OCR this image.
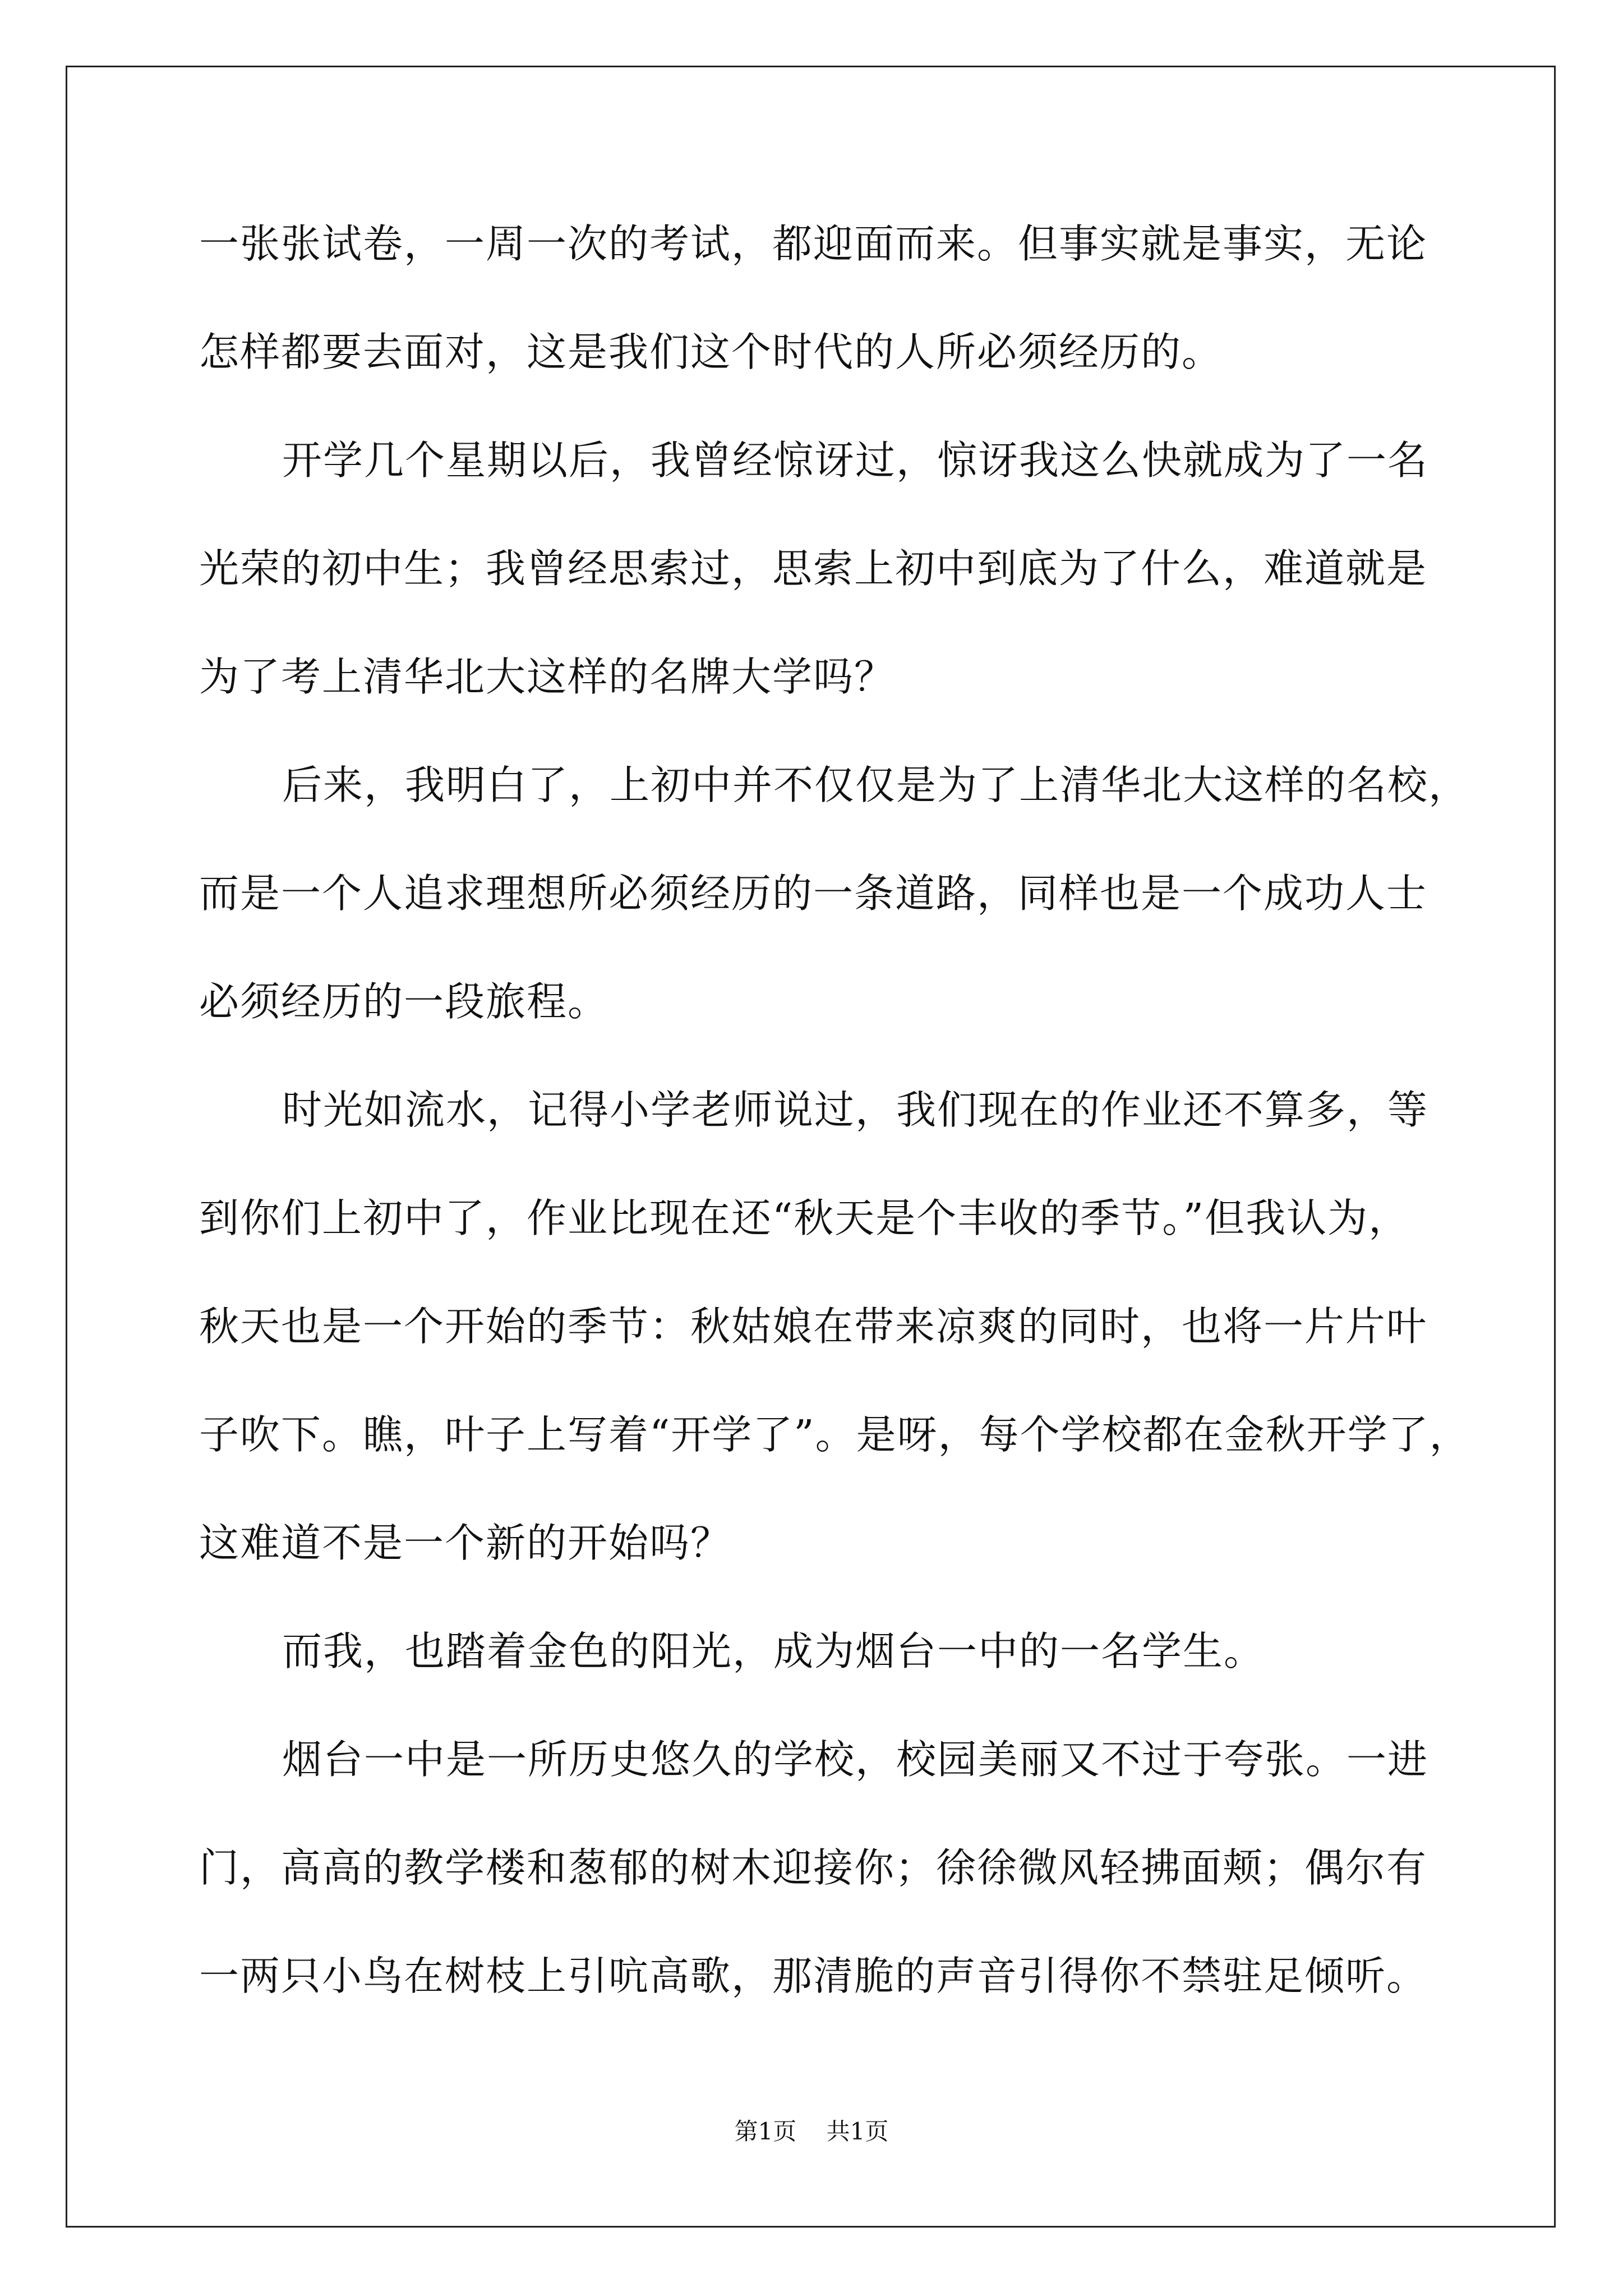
一张张试卷，一周一次的考试，都迎面而来。但事实就是事实，无论
怎样都要去面对，这是我们这个时代的人所必须经历的。
开学几个星期以后，我曾经惊讶过，惊讶我这么快就成为了一名
光荣的初中生；我曾经思索过，思索上初中到底为了什么，难道就是
为了考上清华北大这样的名牌大学吗？
后来，我明白了，上初中并不仅仅是为了上清华北大这样的名校，
而是一个人追求理想所必须经历的一条道路，同样也是一个成功人士
必须经历的一段旅程。
时光如流水，记得小学老师说过，我们现在的作业还不算多，等
到你们上初中了，作业比现在还“秋天是个丰收的季节。”但我认为，
秋天也是一个开始的季节：秋姑娘在带来凉爽的同时，也将一片片叶
子吹下。瞧，叶子上写着“开学了”。是呀，每个学校都在金秋开学了，
这难道不是一个新的开始吗？
而我，也踏着金色的阳光，成为烟台一中的一名学生。
烟台一中是一所历史悠久的学校，校园美丽又不过于夸张。一进
门，高高的教学楼和葱郁的树木迎接你；徐徐微风轻拂面颊；偶尔有
一两只小鸟在树枝上引吭高歌，那清脆的声音引得你不禁驻足倾听。
第1页    共1页
